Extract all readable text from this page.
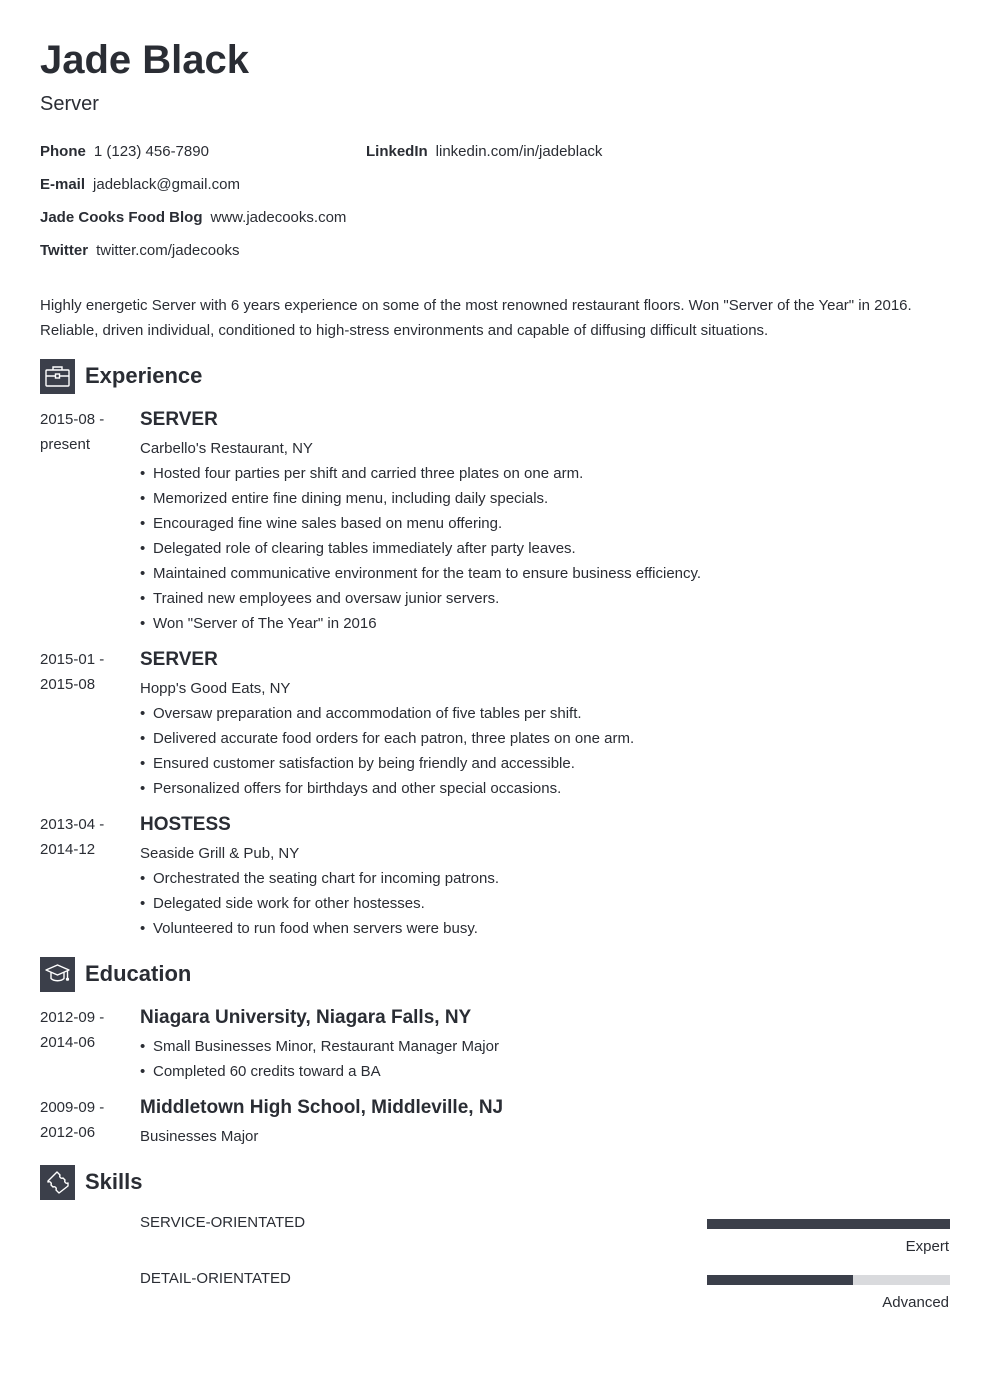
Jade Black
Server
Phone 1 (123) 456-7890	LinkedIn linkedin.com/in/jadeblack
E-mail jadeblack@gmail.com
Jade Cooks Food Blog www.jadecooks.com
Twitter twitter.com/jadecooks

Highly energetic Server with 6 years experience on some of the most renowned restaurant floors. Won "Server of the Year" in 2016. Reliable, driven individual, conditioned to high-stress environments and capable of diffusing difficult situations.

Experience
2015-08 -
present
SERVER
Carbello's Restaurant, NY
• Hosted four parties per shift and carried three plates on one arm.
• Memorized entire fine dining menu, including daily specials.
• Encouraged fine wine sales based on menu offering.
• Delegated role of clearing tables immediately after party leaves.
• Maintained communicative environment for the team to ensure business efficiency.
• Trained new employees and oversaw junior servers.
• Won "Server of The Year" in 2016
2015-01 -
2015-08
SERVER
Hopp's Good Eats, NY
• Oversaw preparation and accommodation of five tables per shift.
• Delivered accurate food orders for each patron, three plates on one arm.
• Ensured customer satisfaction by being friendly and accessible.
• Personalized offers for birthdays and other special occasions.
2013-04 -
2014-12
HOSTESS
Seaside Grill & Pub, NY
• Orchestrated the seating chart for incoming patrons.
• Delegated side work for other hostesses.
• Volunteered to run food when servers were busy.
Education
2012-09 -
2014-06
Niagara University, Niagara Falls, NY
• Small Businesses Minor, Restaurant Manager Major
• Completed 60 credits toward a BA
2009-09 -
2012-06
Middletown High School, Middleville, NJ
Businesses Major
Skills
SERVICE-ORIENTATED
Expert
DETAIL-ORIENTATED
Advanced
